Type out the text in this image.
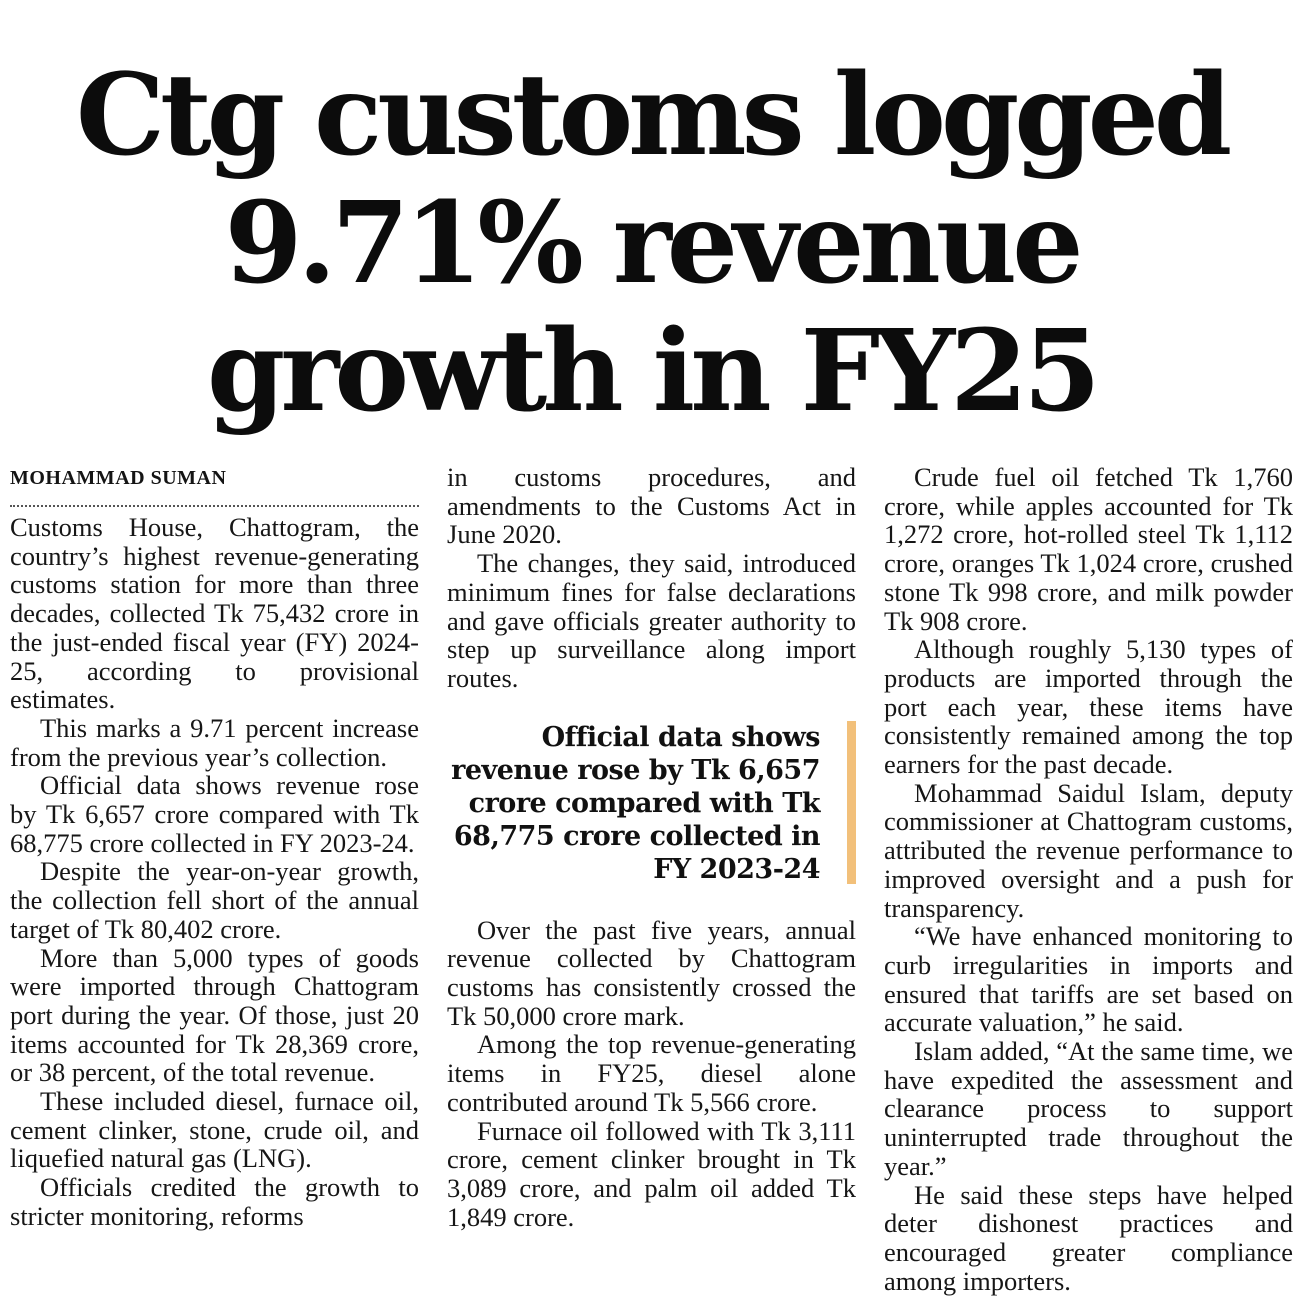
Ctg customs logged
9.71% revenue
growth in FY25
MOHAMMAD SUMAN

Customs House, Chattogram, the country’s highest revenue-generating customs station for more than three decades, collected Tk 75,432 crore in the just-ended fiscal year (FY) 2024-25, according to provisional estimates.

This marks a 9.71 percent increase from the previous year’s collection.

Official data shows revenue rose by Tk 6,657 crore compared with Tk 68,775 crore collected in FY 2023-24.

Despite the year-on-year growth, the collection fell short of the annual target of Tk 80,402 crore.

More than 5,000 types of goods were imported through Chattogram port during the year. Of those, just 20 items accounted for Tk 28,369 crore, or 38 percent, of the total revenue.

These included diesel, furnace oil, cement clinker, stone, crude oil, and liquefied natural gas (LNG).

Officials credited the growth to stricter monitoring, reforms

in customs procedures, and amendments to the Customs Act in June 2020.

The changes, they said, introduced minimum fines for false declarations and gave officials greater authority to step up surveillance along import routes.

Official data shows revenue rose by Tk 6,657 crore compared with Tk 68,775 crore collected in FY 2023-24

Over the past five years, annual revenue collected by Chattogram customs has consistently crossed the Tk 50,000 crore mark.

Among the top revenue-generating items in FY25, diesel alone contributed around Tk 5,566 crore.

Furnace oil followed with Tk 3,111 crore, cement clinker brought in Tk 3,089 crore, and palm oil added Tk 1,849 crore.

Crude fuel oil fetched Tk 1,760 crore, while apples accounted for Tk 1,272 crore, hot-rolled steel Tk 1,112 crore, oranges Tk 1,024 crore, crushed stone Tk 998 crore, and milk powder Tk 908 crore.

Although roughly 5,130 types of products are imported through the port each year, these items have consistently remained among the top earners for the past decade.

Mohammad Saidul Islam, deputy commissioner at Chattogram customs, attributed the revenue performance to improved oversight and a push for transparency.

“We have enhanced monitoring to curb irregularities in imports and ensured that tariffs are set based on accurate valuation,” he said.

Islam added, “At the same time, we have expedited the assessment and clearance process to support uninterrupted trade throughout the year.”

He said these steps have helped deter dishonest practices and encouraged greater compliance among importers.
